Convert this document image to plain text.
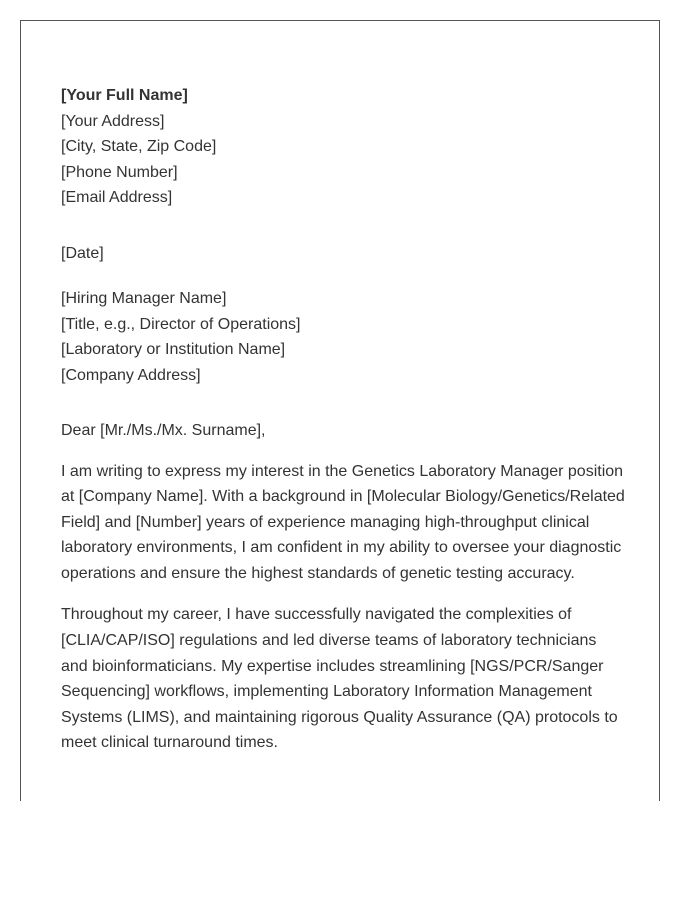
[Your Full Name]
[Your Address]
[City, State, Zip Code]
[Phone Number]
[Email Address]
[Date]
[Hiring Manager Name]
[Title, e.g., Director of Operations]
[Laboratory or Institution Name]
[Company Address]
Dear [Mr./Ms./Mx. Surname],

I am writing to express my interest in the Genetics Laboratory Manager position at [Company Name]. With a background in [Molecular Biology/Genetics/Related Field] and [Number] years of experience managing high-throughput clinical laboratory environments, I am confident in my ability to oversee your diagnostic operations and ensure the highest standards of genetic testing accuracy.

Throughout my career, I have successfully navigated the complexities of [CLIA/CAP/ISO] regulations and led diverse teams of laboratory technicians and bioinformaticians. My expertise includes streamlining [NGS/PCR/Sanger Sequencing] workflows, implementing Laboratory Information Management Systems (LIMS), and maintaining rigorous Quality Assurance (QA) protocols to meet clinical turnaround times.
